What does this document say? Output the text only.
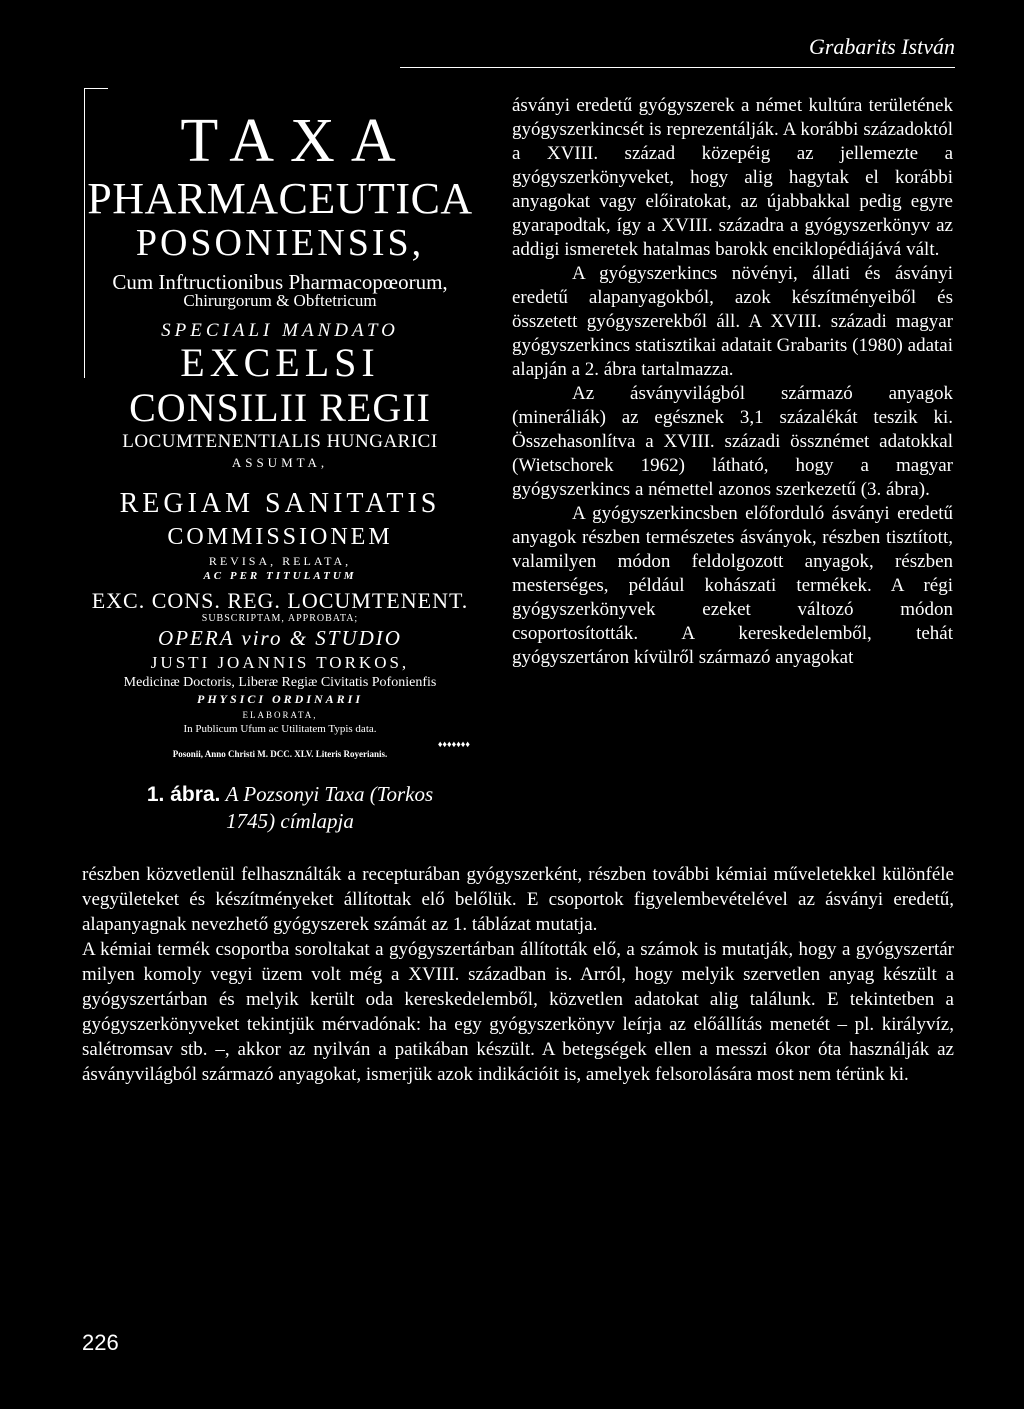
Grabarits István
TAXA
PHARMACEUTICA
POSONIENSIS,
Cum Inftructionibus Pharmacopœorum,
Chirurgorum & Obftetricum
SPECIALI MANDATO
EXCELSI
CONSILII REGII
LOCUMTENENTIALIS HUNGARICI
ASSUMTA,
REGIAM SANITATIS
COMMISSIONEM
REVISA, RELATA,
AC PER TITULATUM
EXC. CONS. REG. LOCUMTENENT.
SUBSCRIPTAM, APPROBATA;
OPERA viro & STUDIO
JUSTI JOANNIS TORKOS,
Medicinæ Doctoris, Liberæ Regiæ Civitatis Pofonienfis
PHYSICI ORDINARII
ELABORATA,
In Publicum Ufum ac Utilitatem Typis data.
♦♦♦♦♦♦♦
Posonii, Anno Christi M. DCC. XLV. Literis Royerianis.
1. ábra. A Pozsonyi Taxa (Torkos 1745) címlapja

ásványi eredetű gyógyszerek a német kultúra területének gyógyszerkincsét is reprezentálják. A korábbi századoktól a XVIII. század közepéig az jellemezte a gyógyszerkönyveket, hogy alig hagytak el korábbi anyagokat vagy előiratokat, az újabbakkal pedig egyre gyarapodtak, így a XVIII. századra a gyógyszerkönyv az addigi ismeretek hatalmas barokk enciklopédiájává vált.

A gyógyszerkincs növényi, állati és ásványi eredetű alapanyagokból, azok készítményeiből és összetett gyógyszerekből áll. A XVIII. századi magyar gyógyszerkincs statisztikai adatait Grabarits (1980) adatai alapján a 2. ábra tartalmazza.

Az ásványvilágból származó anyagok (mineráliák) az egésznek 3,1 százalékát teszik ki. Összehasonlítva a XVIII. századi össznémet adatokkal (Wietschorek 1962) látható, hogy a magyar gyógyszerkincs a némettel azonos szerkezetű (3. ábra).

A gyógyszerkincsben előforduló ásványi eredetű anyagok részben természetes ásványok, részben tisztított, valamilyen módon feldolgozott anyagok, részben mesterséges, például kohászati termékek. A régi gyógyszerkönyvek ezeket változó módon csoportosították. A kereskedelemből, tehát gyógyszertáron kívülről származó anyagokat

részben közvetlenül felhasználták a recepturában gyógyszerként, részben további kémiai műveletekkel különféle vegyületeket és készítményeket állítottak elő belőlük. E csoportok figyelembevételével az ásványi eredetű, alapanyagnak nevezhető gyógyszerek számát az 1. táblázat mutatja.

A kémiai termék csoportba soroltakat a gyógyszertárban állították elő, a számok is mutatják, hogy a gyógyszertár milyen komoly vegyi üzem volt még a XVIII. században is. Arról, hogy melyik szervetlen anyag készült a gyógyszertárban és melyik került oda kereskedelemből, közvetlen adatokat alig találunk. E tekintetben a gyógyszerkönyveket tekintjük mérvadónak: ha egy gyógyszerkönyv leírja az előállítás menetét – pl. királyvíz, salétromsav stb. –, akkor az nyilván a patikában készült. A betegségek ellen a messzi ókor óta használják az ásványvilágból származó anyagokat, ismerjük azok indikációit is, amelyek felsorolására most nem térünk ki.

226
